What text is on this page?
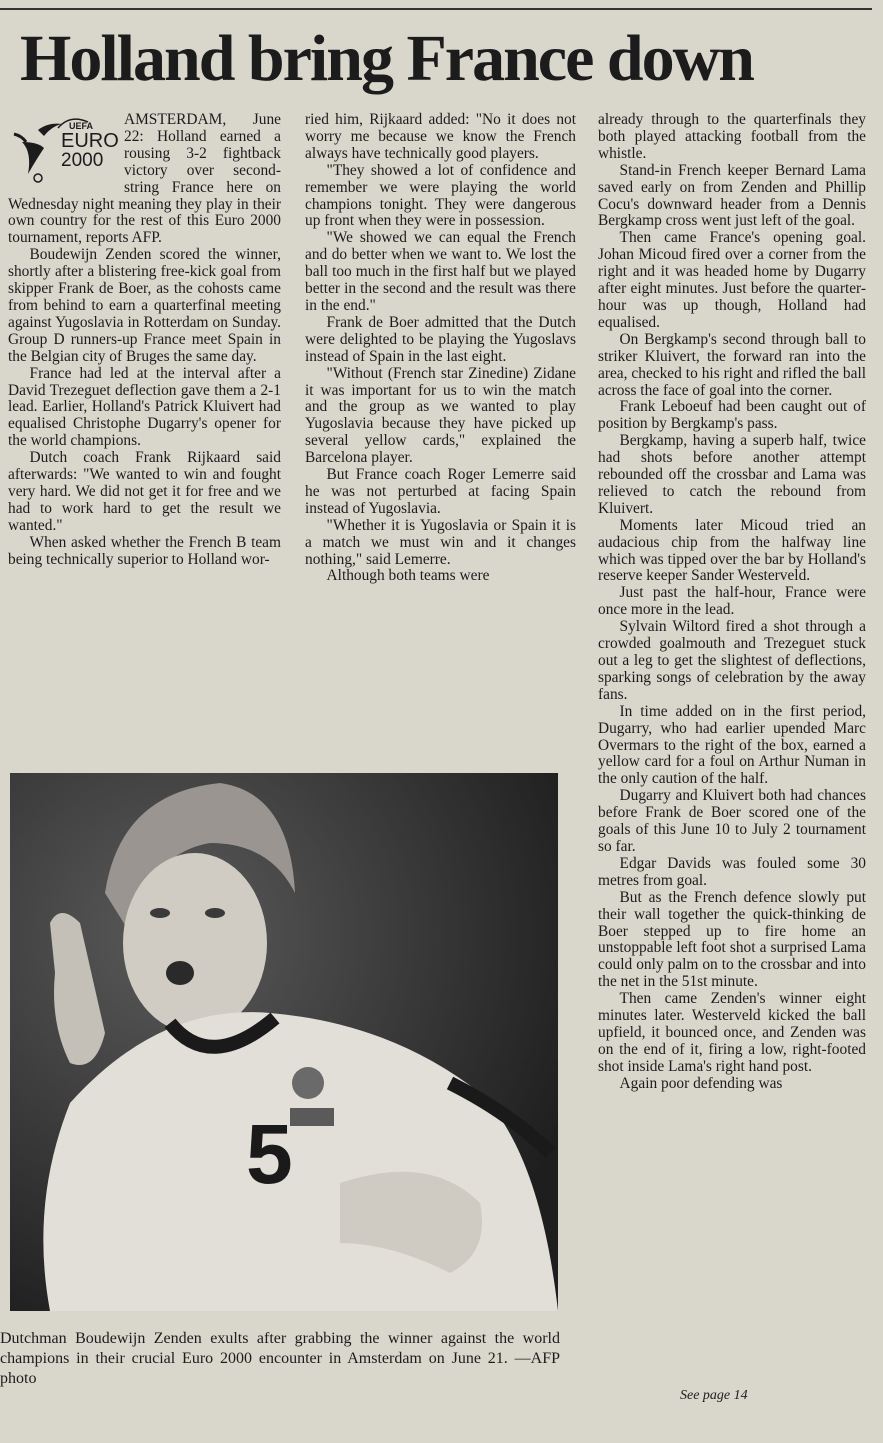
Holland bring France down
UEFA
EURO
2000

AMSTERDAM, June 22: Holland earned a rousing 3-2 fightback victory over second-string France here on Wednesday night meaning they play in their own country for the rest of this Euro 2000 tournament, reports AFP.

Boudewijn Zenden scored the winner, shortly after a blistering free-kick goal from skipper Frank de Boer, as the cohosts came from behind to earn a quarterfinal meeting against Yugoslavia in Rotterdam on Sunday. Group D runners-up France meet Spain in the Belgian city of Bruges the same day.

France had led at the interval after a David Trezeguet deflection gave them a 2-1 lead. Earlier, Holland's Patrick Kluivert had equalised Christophe Dugarry's opener for the world champions.

Dutch coach Frank Rijkaard said afterwards: "We wanted to win and fought very hard. We did not get it for free and we had to work hard to get the result we wanted."

When asked whether the French B team being technically superior to Holland wor-

ried him, Rijkaard added: "No it does not worry me because we know the French always have technically good players.

"They showed a lot of confidence and remember we were playing the world champions tonight. They were dangerous up front when they were in possession.

"We showed we can equal the French and do better when we want to. We lost the ball too much in the first half but we played better in the second and the result was there in the end."

Frank de Boer admitted that the Dutch were delighted to be playing the Yugoslavs instead of Spain in the last eight.

"Without (French star Zinedine) Zidane it was important for us to win the match and the group as we wanted to play Yugoslavia because they have picked up several yellow cards," explained the Barcelona player.

But France coach Roger Lemerre said he was not perturbed at facing Spain instead of Yugoslavia.

"Whether it is Yugoslavia or Spain it is a match we must win and it changes nothing," said Lemerre.

Although both teams were

already through to the quarterfinals they both played attacking football from the whistle.

Stand-in French keeper Bernard Lama saved early on from Zenden and Phillip Cocu's downward header from a Dennis Bergkamp cross went just left of the goal.

Then came France's opening goal. Johan Micoud fired over a corner from the right and it was headed home by Dugarry after eight minutes. Just before the quarter-hour was up though, Holland had equalised.

On Bergkamp's second through ball to striker Kluivert, the forward ran into the area, checked to his right and rifled the ball across the face of goal into the corner.

Frank Leboeuf had been caught out of position by Bergkamp's pass.

Bergkamp, having a superb half, twice had shots before another attempt rebounded off the crossbar and Lama was relieved to catch the rebound from Kluivert.

Moments later Micoud tried an audacious chip from the halfway line which was tipped over the bar by Holland's reserve keeper Sander Westerveld.

Just past the half-hour, France were once more in the lead.

Sylvain Wiltord fired a shot through a crowded goalmouth and Trezeguet stuck out a leg to get the slightest of deflections, sparking songs of celebration by the away fans.

In time added on in the first period, Dugarry, who had earlier upended Marc Overmars to the right of the box, earned a yellow card for a foul on Arthur Numan in the only caution of the half.

Dugarry and Kluivert both had chances before Frank de Boer scored one of the goals of this June 10 to July 2 tournament so far.

Edgar Davids was fouled some 30 metres from goal.

But as the French defence slowly put their wall together the quick-thinking de Boer stepped up to fire home an unstoppable left foot shot a surprised Lama could only palm on to the crossbar and into the net in the 51st minute.

Then came Zenden's winner eight minutes later. Westerveld kicked the ball upfield, it bounced once, and Zenden was on the end of it, firing a low, right-footed shot inside Lama's right hand post.

Again poor defending was

See page 14
5
Dutchman Boudewijn Zenden exults after grabbing the winner against the world champions in their crucial Euro 2000 encounter in Amsterdam on June 21. —AFP photo
